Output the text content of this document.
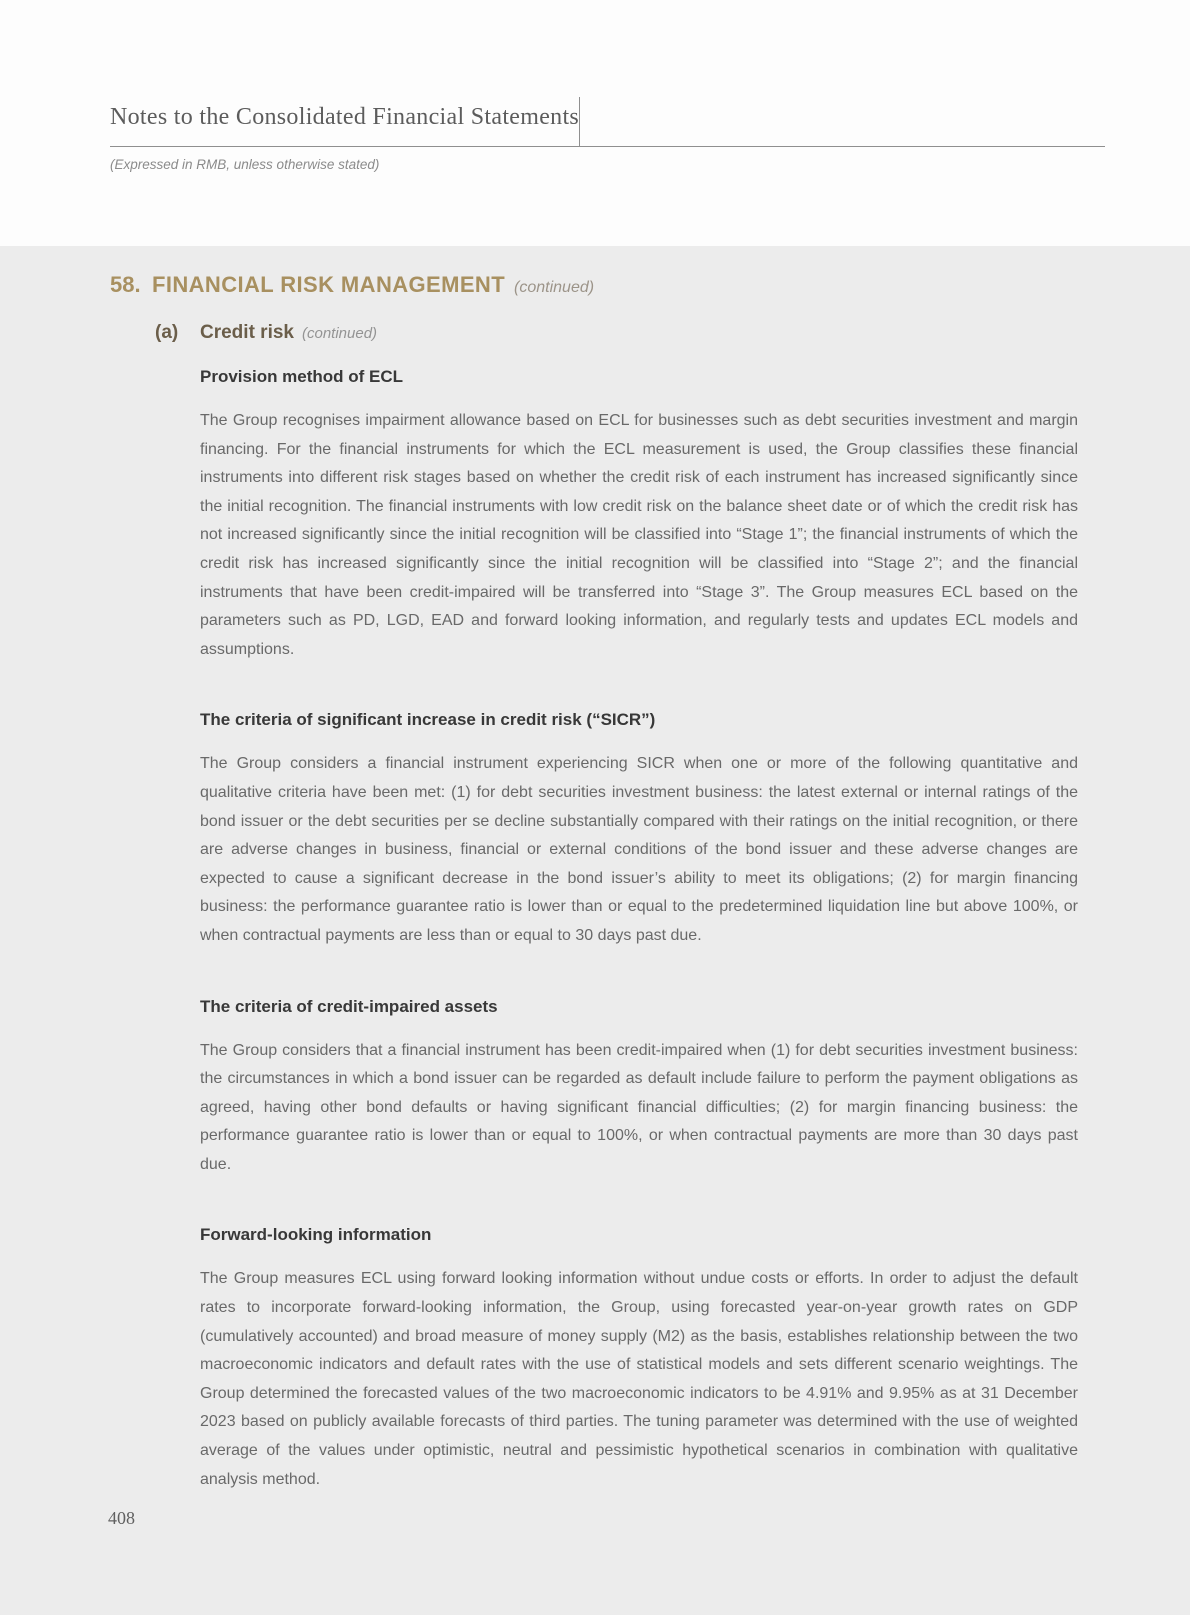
Notes to the Consolidated Financial Statements
(Expressed in RMB, unless otherwise stated)
58. FINANCIAL RISK MANAGEMENT (continued)
(a)	Credit risk (continued)
Provision method of ECL

The Group recognises impairment allowance based on ECL for businesses such as debt securities investment and margin financing. For the financial instruments for which the ECL measurement is used, the Group classifies these financial instruments into different risk stages based on whether the credit risk of each instrument has increased significantly since the initial recognition. The financial instruments with low credit risk on the balance sheet date or of which the credit risk has not increased significantly since the initial recognition will be classified into “Stage 1”; the financial instruments of which the credit risk has increased significantly since the initial recognition will be classified into “Stage 2”; and the financial instruments that have been credit-impaired will be transferred into “Stage 3”. The Group measures ECL based on the parameters such as PD, LGD, EAD and forward looking information, and regularly tests and updates ECL models and assumptions.

The criteria of significant increase in credit risk (“SICR”)

The Group considers a financial instrument experiencing SICR when one or more of the following quantitative and qualitative criteria have been met: (1) for debt securities investment business: the latest external or internal ratings of the bond issuer or the debt securities per se decline substantially compared with their ratings on the initial recognition, or there are adverse changes in business, financial or external conditions of the bond issuer and these adverse changes are expected to cause a significant decrease in the bond issuer’s ability to meet its obligations; (2) for margin financing business: the performance guarantee ratio is lower than or equal to the predetermined liquidation line but above 100%, or when contractual payments are less than or equal to 30 days past due.

The criteria of credit-impaired assets

The Group considers that a financial instrument has been credit-impaired when (1) for debt securities investment business: the circumstances in which a bond issuer can be regarded as default include failure to perform the payment obligations as agreed, having other bond defaults or having significant financial difficulties; (2) for margin financing business: the performance guarantee ratio is lower than or equal to 100%, or when contractual payments are more than 30 days past due.

Forward-looking information

The Group measures ECL using forward looking information without undue costs or efforts. In order to adjust the default rates to incorporate forward-looking information, the Group, using forecasted year-on-year growth rates on GDP (cumulatively accounted) and broad measure of money supply (M2) as the basis, establishes relationship between the two macroeconomic indicators and default rates with the use of statistical models and sets different scenario weightings. The Group determined the forecasted values of the two macroeconomic indicators to be 4.91% and 9.95% as at 31 December 2023 based on publicly available forecasts of third parties. The tuning parameter was determined with the use of weighted average of the values under optimistic, neutral and pessimistic hypothetical scenarios in combination with qualitative analysis method.

408
